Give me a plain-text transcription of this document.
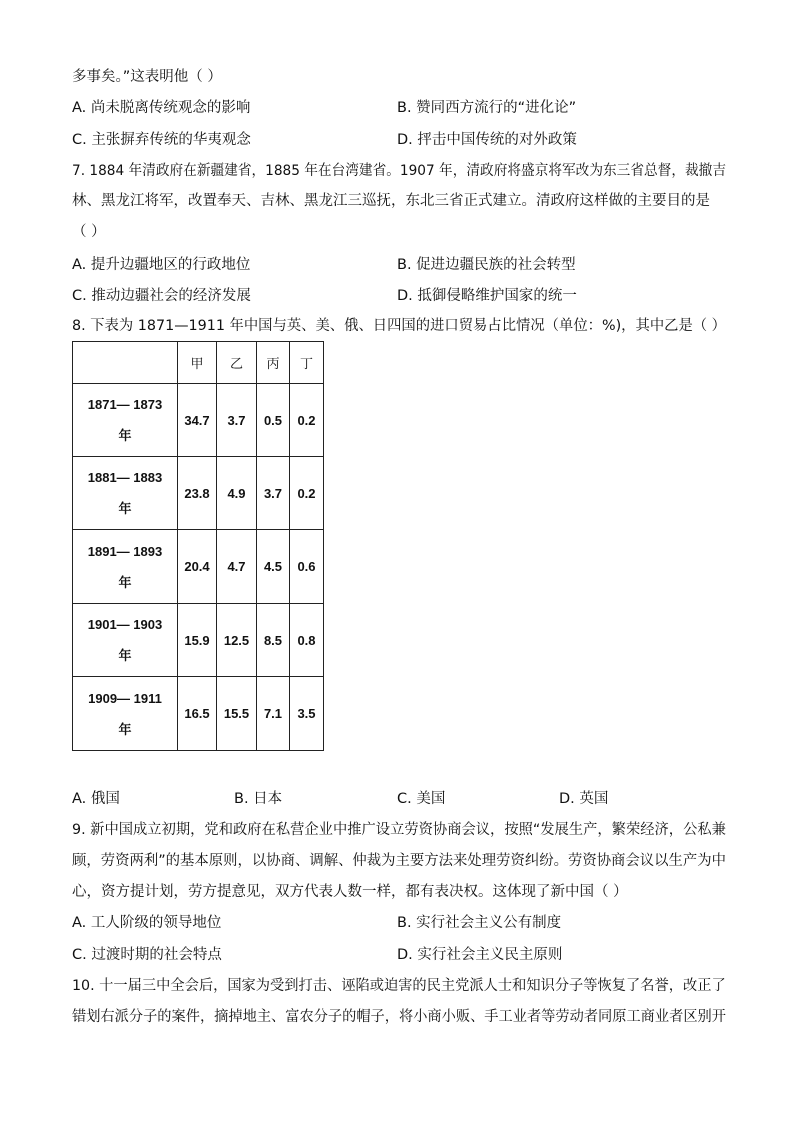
多事矣。”这表明他（ ）
A. 尚未脱离传统观念的影响	B. 赞同西方流行的“进化论”
C. 主张摒弃传统的华夷观念	D. 抨击中国传统的对外政策
7. 1884 年清政府在新疆建省，1885 年在台湾建省。1907 年，清政府将盛京将军改为东三省总督，裁撤吉
林、黑龙江将军，改置奉天、吉林、黑龙江三巡抚，东北三省正式建立。清政府这样做的主要目的是
（ ）
A. 提升边疆地区的行政地位	B. 促进边疆民族的社会转型
C. 推动边疆社会的经济发展	D. 抵御侵略维护国家的统一
8. 下表为 1871—1911 年中国与英、美、俄、日四国的进口贸易占比情况（单位：%)，其中乙是（ ）
	甲	乙	丙	丁

1871— 1873
年	34.7	3.7	0.5	0.2

1881— 1883
年	23.8	4.9	3.7	0.2

1891— 1893
年	20.4	4.7	4.5	0.6

1901— 1903
年	15.9	12.5	8.5	0.8

1909— 1911
年	16.5	15.5	7.1	3.5
A. 俄国	B. 日本	C. 美国	D. 英国
9. 新中国成立初期，党和政府在私营企业中推广设立劳资协商会议，按照“发展生产，繁荣经济，公私兼
顾，劳资两利”的基本原则，以协商、调解、仲裁为主要方法来处理劳资纠纷。劳资协商会议以生产为中
心，资方提计划，劳方提意见，双方代表人数一样，都有表决权。这体现了新中国（ ）
A. 工人阶级的领导地位	B. 实行社会主义公有制度
C. 过渡时期的社会特点	D. 实行社会主义民主原则
10. 十一届三中全会后，国家为受到打击、诬陷或迫害的民主党派人士和知识分子等恢复了名誉，改正了
错划右派分子的案件，摘掉地主、富农分子的帽子，将小商小贩、手工业者等劳动者同原工商业者区别开
